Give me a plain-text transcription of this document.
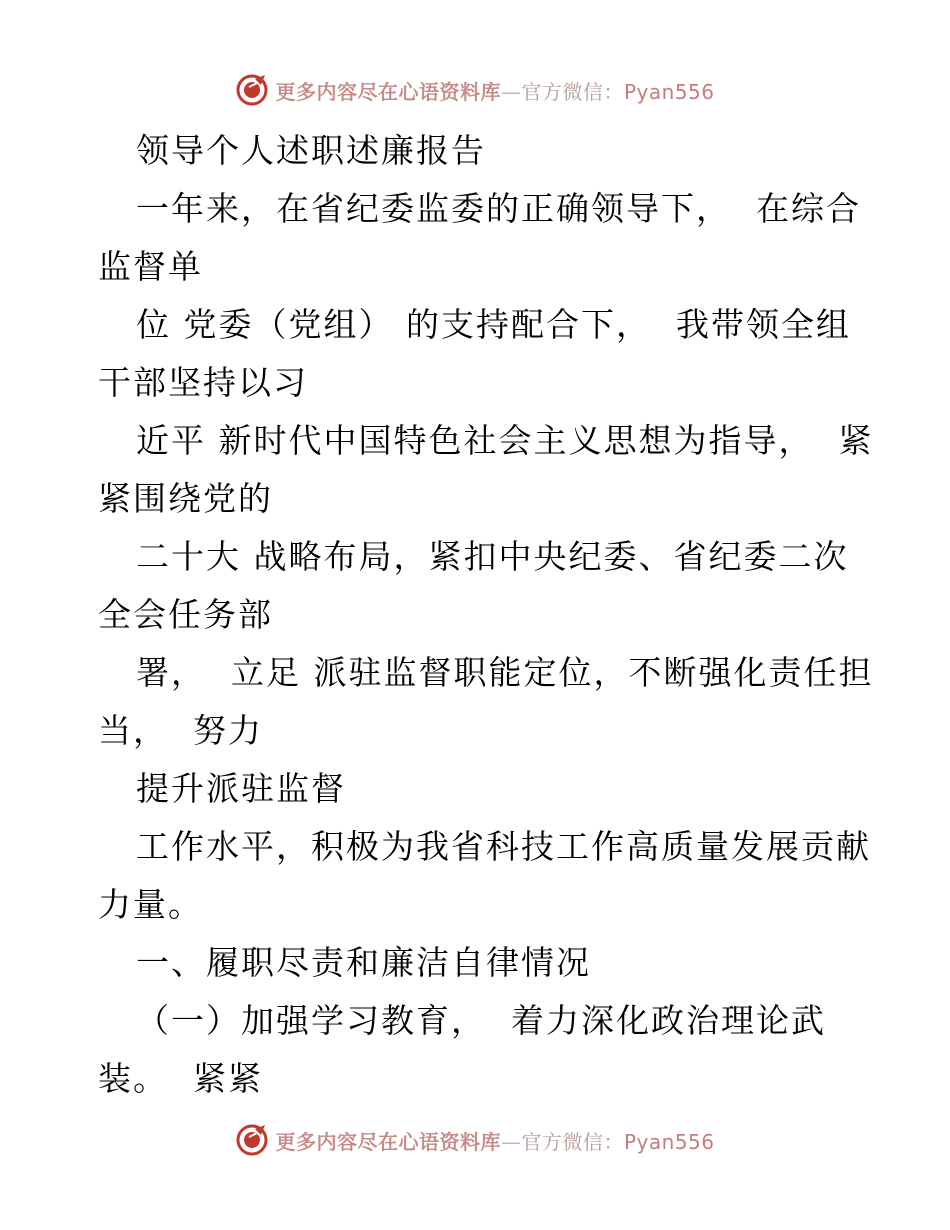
更多内容尽在心语资料库—官方微信：Pyan556
领导个人述职述廉报告
一年来，在省纪委监委的正确领导下，  在综合
监督单
位 党委（党组） 的支持配合下，  我带领全组
干部坚持以习
近平 新时代中国特色社会主义思想为指导，  紧
紧围绕党的
二十大 战略布局，紧扣中央纪委、省纪委二次
全会任务部
署，  立足 派驻监督职能定位，不断强化责任担
当，  努力
提升派驻监督
工作水平，积极为我省科技工作高质量发展贡献
力量。
一、履职尽责和廉洁自律情况
（一）加强学习教育，  着力深化政治理论武
装。  紧紧
更多内容尽在心语资料库—官方微信：Pyan556
